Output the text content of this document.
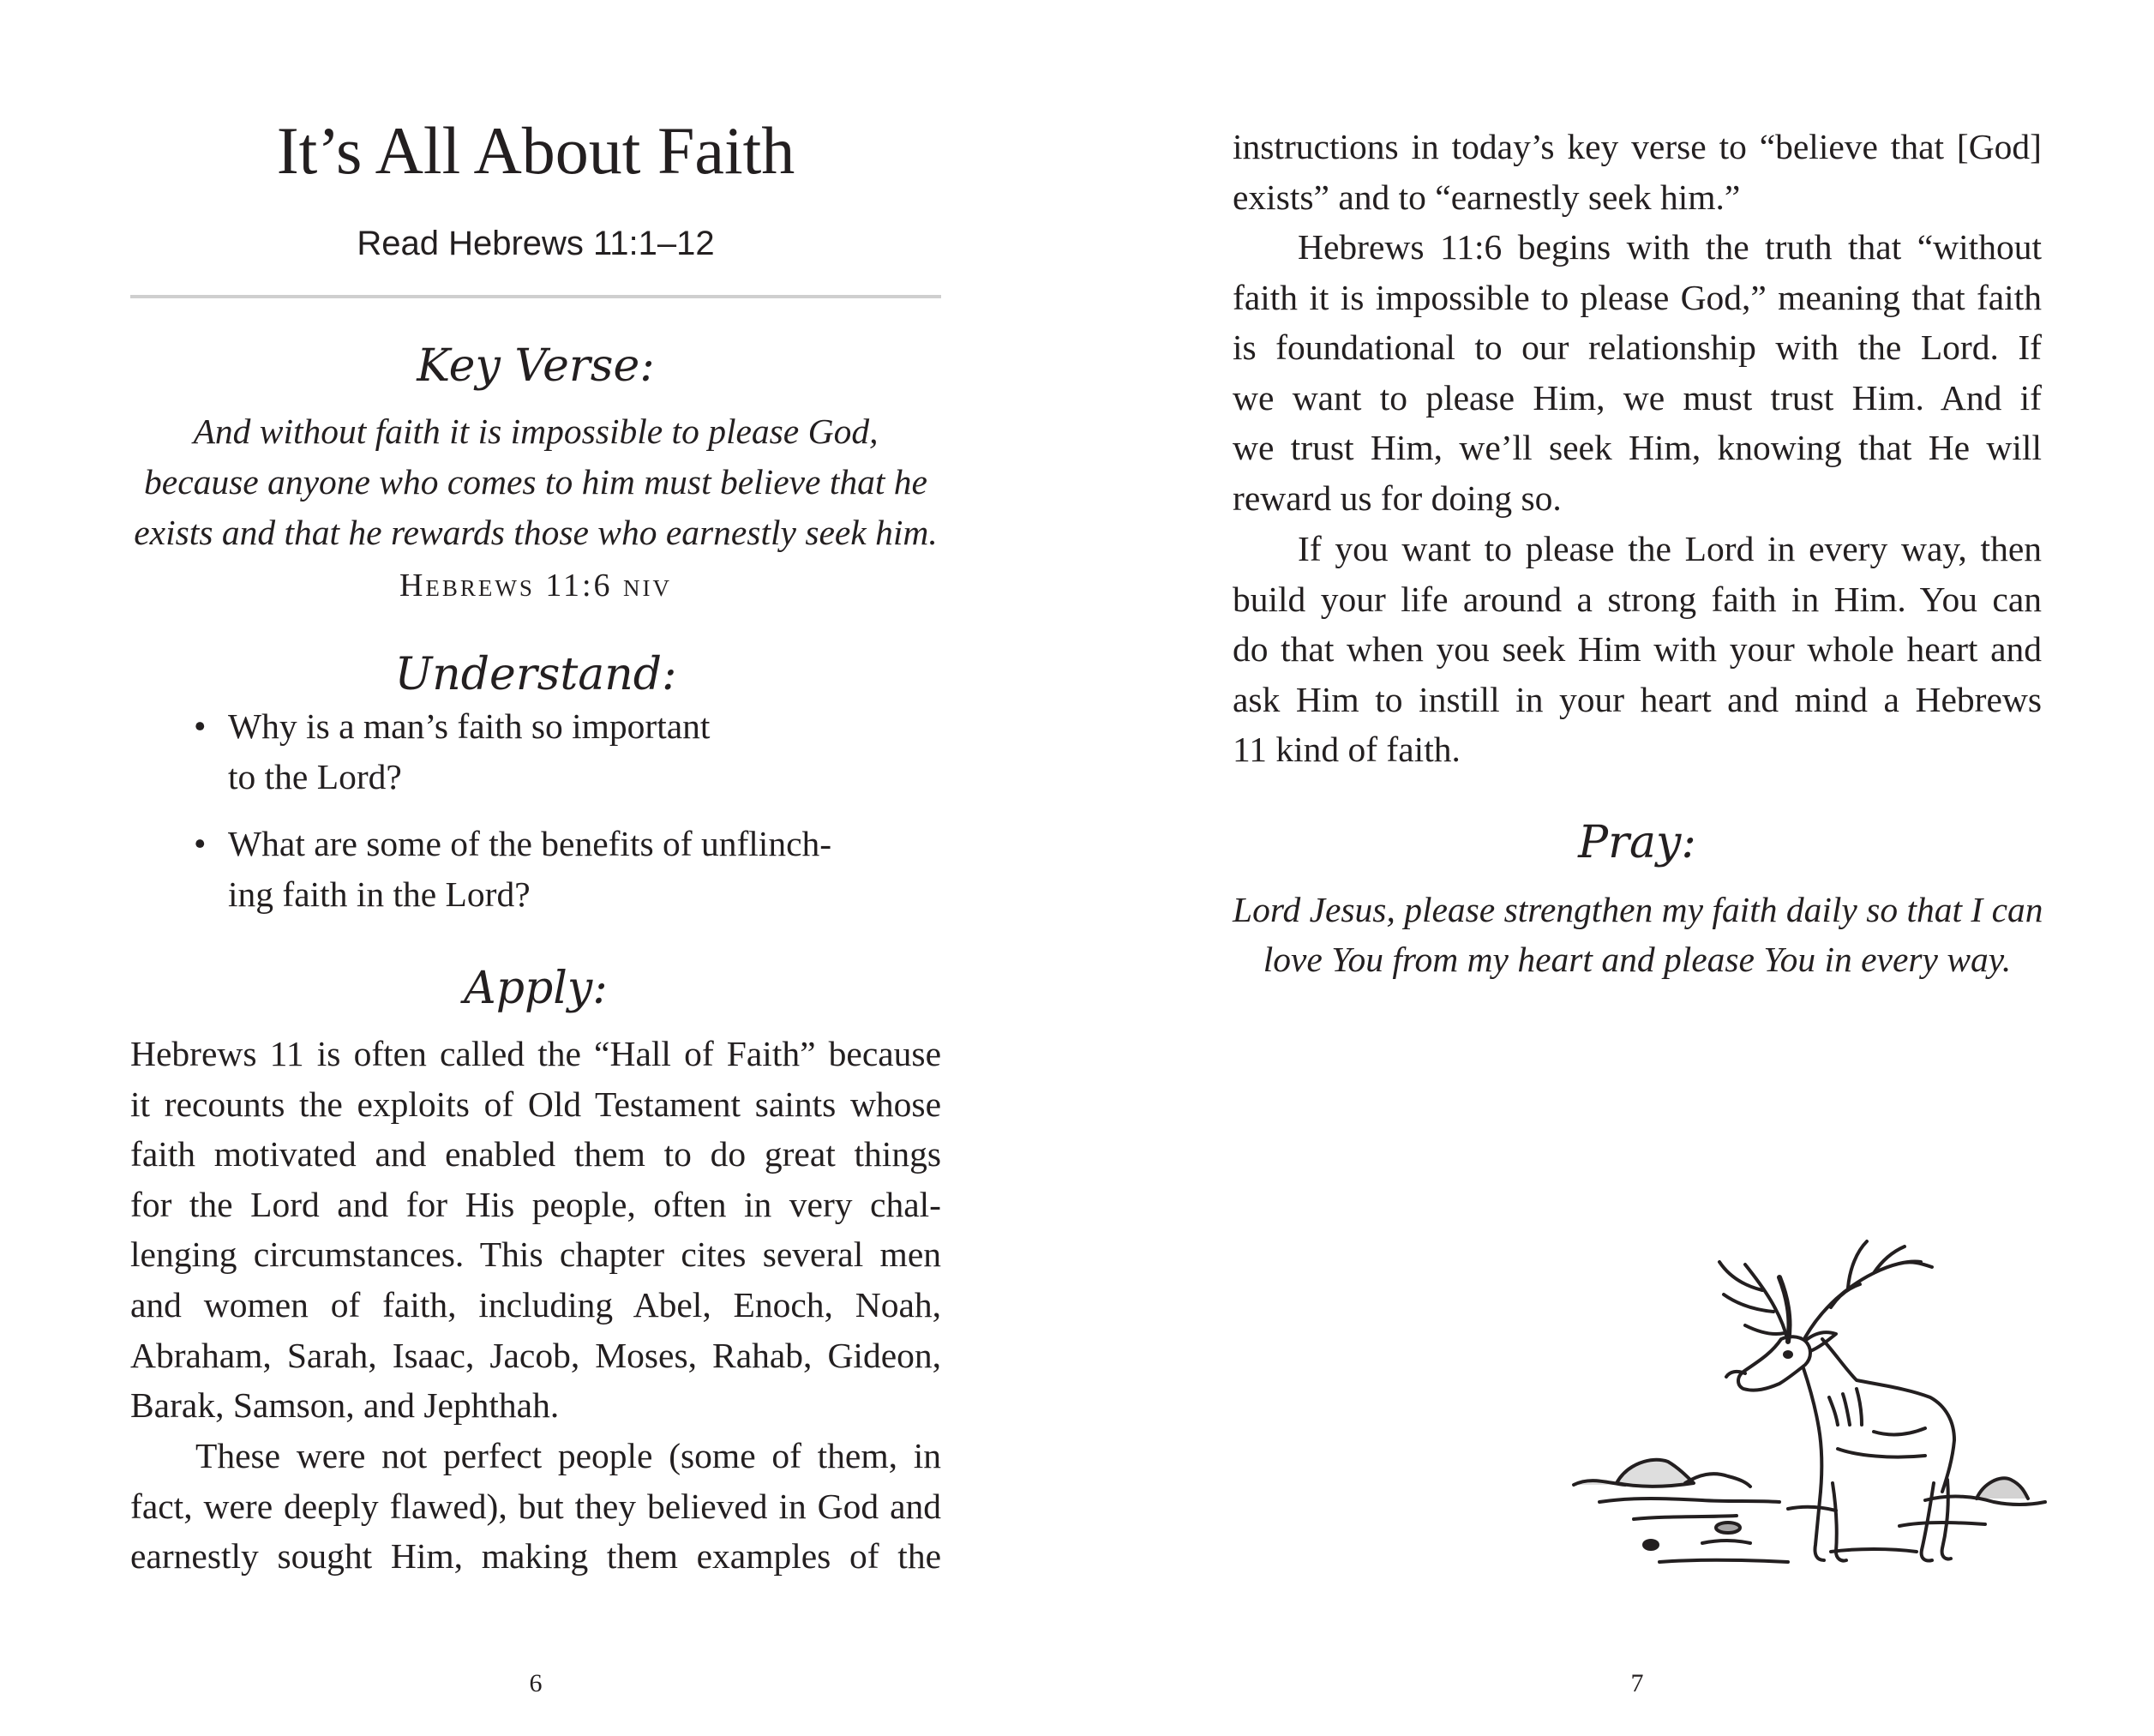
It’s All About Faith
Read Hebrews 11:1–12
Key Verse:
And without faith it is impossible to please God,
because anyone who comes to him must believe that he
exists and that he rewards those who earnestly seek him.
Hebrews 11:6 niv
Understand:
• Why is a man’s faith so important
to the Lord?
• What are some of the benefits of unflinch-
ing faith in the Lord?
Apply:
Hebrews 11 is often called the “Hall of Faith” because
it recounts the exploits of Old Testament saints whose
faith motivated and enabled them to do great things
for the Lord and for His people, often in very chal-
lenging circumstances. This chapter cites several men
and women of faith, including Abel, Enoch, Noah,
Abraham, Sarah, Isaac, Jacob, Moses, Rahab, Gideon,
Barak, Samson, and Jephthah.
These were not perfect people (some of them, in
fact, were deeply flawed), but they believed in God and
earnestly sought Him, making them examples of the
6
instructions in today’s key verse to “believe that [God]
exists” and to “earnestly seek him.”
Hebrews 11:6 begins with the truth that “without
faith it is impossible to please God,” meaning that faith
is foundational to our relationship with the Lord. If
we want to please Him, we must trust Him. And if
we trust Him, we’ll seek Him, knowing that He will
reward us for doing so.
If you want to please the Lord in every way, then
build your life around a strong faith in Him. You can
do that when you seek Him with your whole heart and
ask Him to instill in your heart and mind a Hebrews
11 kind of faith.
Pray:
Lord Jesus, please strengthen my faith daily so that I can
love You from my heart and please You in every way.
7
